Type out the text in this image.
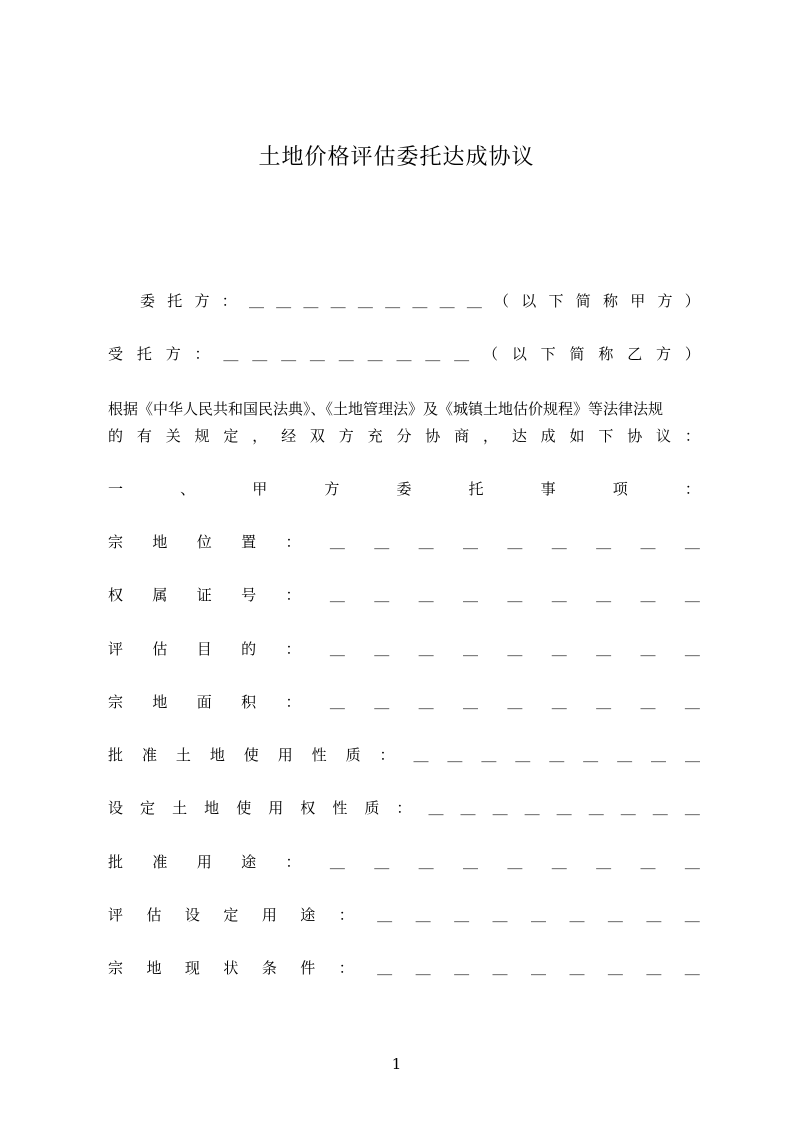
土地价格评估委托达成协议
委 托 方 ： ＿ ＿ ＿ ＿ ＿ ＿ ＿ ＿ ＿ （ 以 下 简 称 甲 方 ）
受 托 方 ： ＿ ＿ ＿ ＿ ＿ ＿ ＿ ＿ ＿ （ 以 下 简 称 乙 方 ）
根据《中华人民共和国民法典》、《土地管理法》及《城镇土地估价规程》等法律法规
的 有 关 规 定 ， 经 双 方 充 分 协 商 ， 达 成 如 下 协 议 ：
一	、	甲	方	委	托	事	项	：
宗 地 位 置 ： ＿ ＿ ＿ ＿ ＿ ＿ ＿ ＿ ＿
权 属 证 号 ： ＿ ＿ ＿ ＿ ＿ ＿ ＿ ＿ ＿
评 估 目 的 ： ＿ ＿ ＿ ＿ ＿ ＿ ＿ ＿ ＿
宗 地 面 积 ： ＿ ＿ ＿ ＿ ＿ ＿ ＿ ＿ ＿
批 准 土 地 使 用 性 质 ： ＿ ＿ ＿ ＿ ＿ ＿ ＿ ＿ ＿
设 定 土 地 使 用 权 性 质 ： ＿ ＿ ＿ ＿ ＿ ＿ ＿ ＿ ＿
批 准 用 途 ： ＿ ＿ ＿ ＿ ＿ ＿ ＿ ＿ ＿
评 估 设 定 用 途 ： ＿ ＿ ＿ ＿ ＿ ＿ ＿ ＿ ＿
宗 地 现 状 条 件 ： ＿ ＿ ＿ ＿ ＿ ＿ ＿ ＿ ＿
1
